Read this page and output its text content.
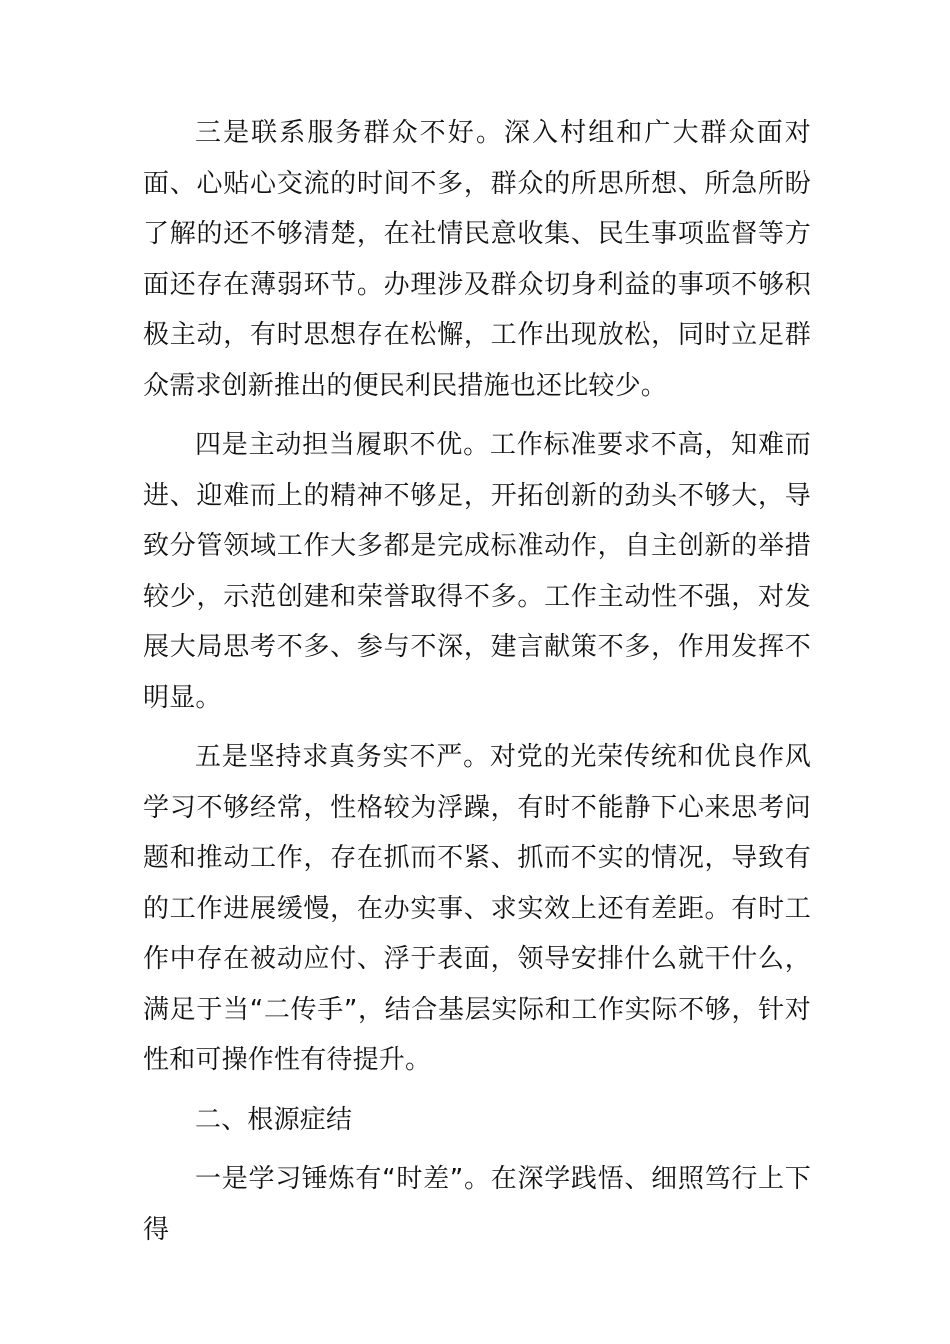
三是联系服务群众不好。深入村组和广大群众面对面、心贴心交流的时间不多，群众的所思所想、所急所盼了解的还不够清楚，在社情民意收集、民生事项监督等方面还存在薄弱环节。办理涉及群众切身利益的事项不够积极主动，有时思想存在松懈，工作出现放松，同时立足群众需求创新推出的便民利民措施也还比较少。

四是主动担当履职不优。工作标准要求不高，知难而进、迎难而上的精神不够足，开拓创新的劲头不够大，导致分管领域工作大多都是完成标准动作，自主创新的举措较少，示范创建和荣誉取得不多。工作主动性不强，对发展大局思考不多、参与不深，建言献策不多，作用发挥不明显。

五是坚持求真务实不严。对党的光荣传统和优良作风学习不够经常，性格较为浮躁，有时不能静下心来思考问题和推动工作，存在抓而不紧、抓而不实的情况，导致有的工作进展缓慢，在办实事、求实效上还有差距。有时工作中存在被动应付、浮于表面，领导安排什么就干什么，满足于当“二传手”，结合基层实际和工作实际不够，针对性和可操作性有待提升。

二、根源症结

一是学习锤炼有“时差”。在深学践悟、细照笃行上下得
